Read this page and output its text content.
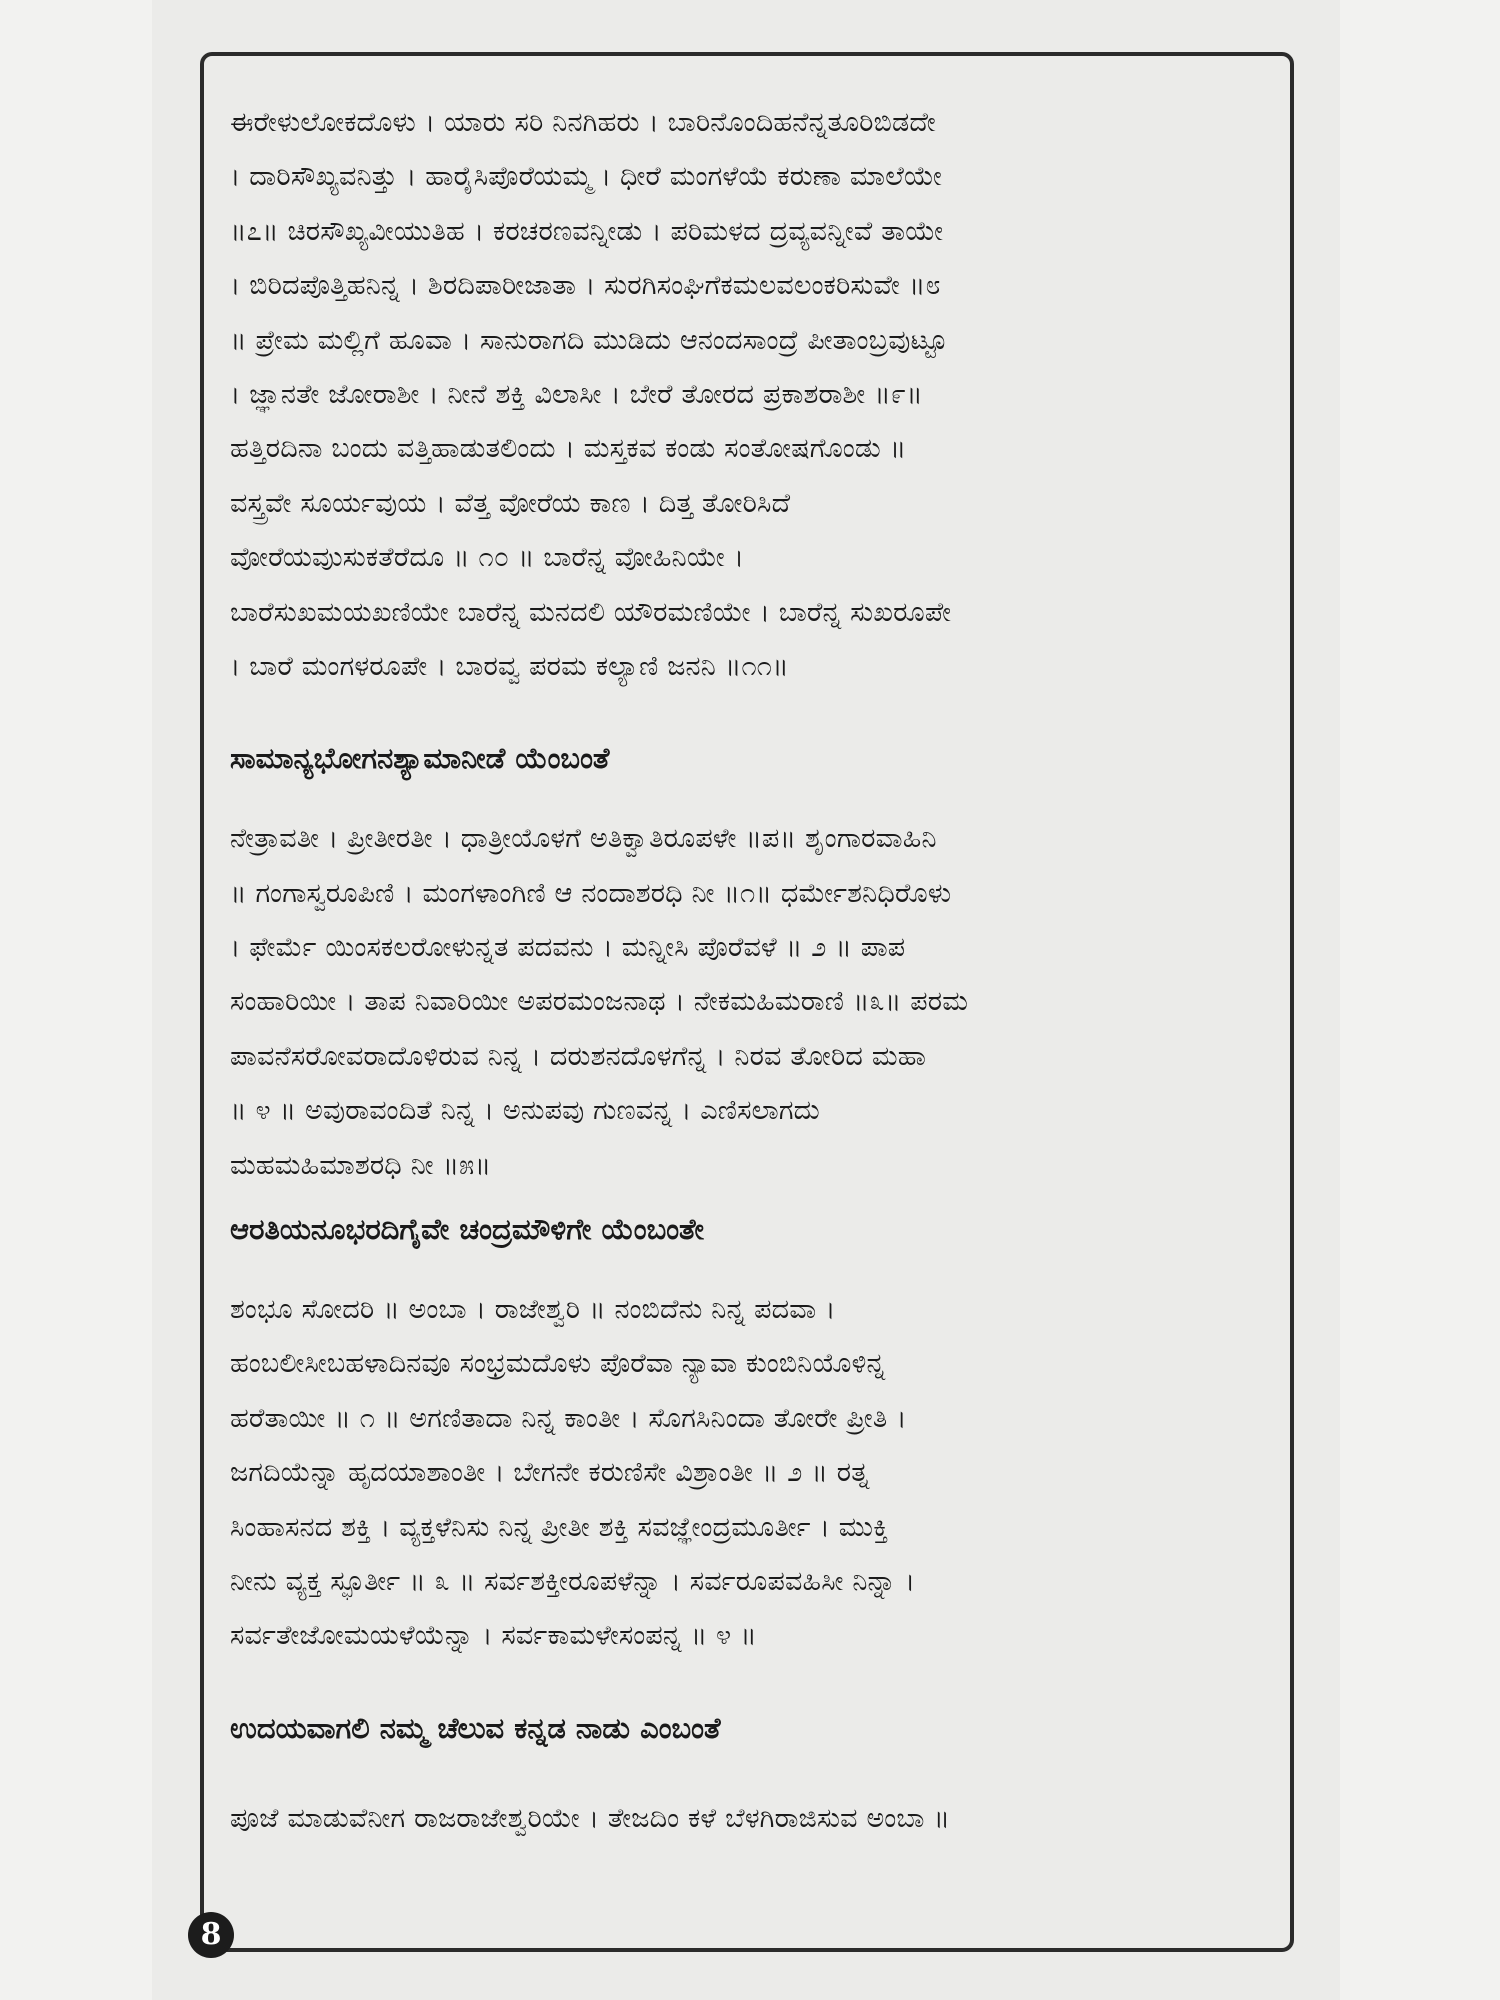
ಈರೇಳುಲೋಕದೊಳು । ಯಾರು ಸರಿ ನಿನಗಿಹರು । ಬಾರಿನೊಂದಿಹನೆನ್ನತೂರಿಬಿಡದೇ
। ದಾರಿಸೌಖ್ಯವನಿತ್ತು । ಹಾರೈಸಿಪೊರೆಯಮ್ಮ । ಧೀರೆ ಮಂಗಳೆಯೆ ಕರುಣಾ ಮಾಲೆಯೇ
॥೭॥ ಚಿರಸೌಖ್ಯವೀಯುತಿಹ । ಕರಚರಣವನ್ನೀಡು । ಪರಿಮಳದ ದ್ರವ್ಯವನ್ನೀವೆ ತಾಯೇ
। ಬಿರಿದಪೊತ್ತಿಹನಿನ್ನ । ಶಿರದಿಪಾರೀಜಾತಾ । ಸುರಗಿಸಂಘಿಗೆಕಮಲವಲಂಕರಿಸುವೇ ॥೮
॥ ಪ್ರೇಮ ಮಲ್ಲಿಗೆ ಹೂವಾ । ಸಾನುರಾಗದಿ ಮುಡಿದು ಆನಂದಸಾಂದ್ರೆ ಪೀತಾಂಬ್ರವುಟ್ಟೂ
। ಜ್ಞಾನತೇ ಜೋರಾಶೀ । ನೀನೆ ಶಕ್ತಿ ವಿಲಾಸೀ । ಬೇರೆ ತೋರದ ಪ್ರಕಾಶರಾಶೀ ॥೯॥
ಹತ್ತಿರದಿನಾ ಬಂದು ವತ್ತಿಹಾಡುತಲಿಂದು । ಮಸ್ತಕವ ಕಂಡು ಸಂತೋಷಗೊಂಡು ॥
ವಸ್ತ್ರವೇ ಸೂರ್ಯವುಯ । ವೆತ್ತ ವೋರೆಯ ಕಾಣ । ದಿತ್ತ ತೋರಿಸಿದೆ
ವೋರೆಯವುುಸುಕತೆರೆದೂ ॥ ೧೦ ॥ ಬಾರೆನ್ನ ವೋಹಿನಿಯೇ ।
ಬಾರೆಸುಖಮಯಖಣಿಯೇ ಬಾರೆನ್ನ ಮನದಲಿ ಯೌರಮಣಿಯೇ । ಬಾರೆನ್ನ ಸುಖರೂಪೇ
। ಬಾರೆ ಮಂಗಳರೂಪೇ । ಬಾರವ್ವ ಪರಮ ಕಲ್ಯಾಣಿ ಜನನಿ ॥೧೧॥
ಸಾಮಾನ್ಯಭೋಗನಶ್ಯಾಮಾನೀಡೆ ಯೆಂಬಂತೆ
ನೇತ್ರಾವತೀ । ಪ್ರೀತೀರತೀ । ಧಾತ್ರೀಯೊಳಗೆ ಅತಿಕ್ವಾತಿರೂಪಳೇ ॥ಪ॥ ಶೃಂಗಾರವಾಹಿನಿ
॥ ಗಂಗಾಸ್ವರೂಪಿಣಿ । ಮಂಗಳಾಂಗಿಣಿ ಆ ನಂದಾಶರಧಿ ನೀ ॥೧॥ ಧರ್ಮೇಶನಿಧಿರೊಳು
। ಫೇರ್ಮೆ ಯಿಂಸಕಲರೋಳುನ್ನತ ಪದವನು । ಮನ್ನೀಸಿ ಪೊರೆವಳೆ ॥ ೨ ॥ ಪಾಪ
ಸಂಹಾರಿಯೀ । ತಾಪ ನಿವಾರಿಯೀ ಅಪರಮಂಜನಾಥ । ನೇಕಮಹಿಮರಾಣಿ ॥೩॥ ಪರಮ
ಪಾವನೆಸರೋವರಾದೊಳಿರುವ ನಿನ್ನ । ದರುಶನದೊಳಗೆನ್ನ । ನಿರವ ತೋರಿದ ಮಹಾ
॥ ೪ ॥ ಅವುರಾವಂದಿತೆ ನಿನ್ನ । ಅನುಪವು ಗುಣವನ್ನ । ಎಣಿಸಲಾಗದು
ಮಹಮಹಿಮಾಶರಧಿ ನೀ ॥೫॥
ಆರತಿಯನೂಭರದಿಗೈವೇ ಚಂದ್ರಮೌಳಿಗೇ ಯೆಂಬಂತೇ
ಶಂಭೂ ಸೋದರಿ ॥ ಅಂಬಾ । ರಾಜೇಶ್ವರಿ ॥ ನಂಬಿದೆನು ನಿನ್ನ ಪದವಾ ।
ಹಂಬಲೀಸೀಬಹಳಾದಿನವೂ ಸಂಭ್ರಮದೊಳು ಪೊರೆವಾ ನ್ಯಾವಾ ಕುಂಬಿನಿಯೊಳಿನ್ನ
ಹರೆತಾಯೀ ॥ ೧ ॥ ಅಗಣಿತಾದಾ ನಿನ್ನ ಕಾಂತೀ । ಸೊಗಸಿನಿಂದಾ ತೋರೇ ಪ್ರೀತಿ ।
ಜಗದಿಯೆನ್ನಾ ಹೃದಯಾಶಾಂತೀ । ಬೇಗನೇ ಕರುಣಿಸೇ ವಿಶ್ರಾಂತೀ ॥ ೨ ॥ ರತ್ನ
ಸಿಂಹಾಸನದ ಶಕ್ತಿ । ವ್ಯಕ್ತಳೆನಿಸು ನಿನ್ನ ಪ್ರೀತೀ ಶಕ್ತಿ ಸವಜ್ಞೇಂದ್ರಮೂರ್ತೀ । ಮುಕ್ತಿ
ನೀನು ವ್ಯಕ್ತ ಸ್ಫೂರ್ತೀ ॥ ೩ ॥ ಸರ್ವಶಕ್ತೀರೂಪಳೆನ್ನಾ । ಸರ್ವರೂಪವಹಿಸೀ ನಿನ್ನಾ ।
ಸರ್ವತೇಜೋಮಯಳೆಯೆನ್ನಾ । ಸರ್ವಕಾಮಳೇಸಂಪನ್ನ ॥ ೪ ॥
ಉದಯವಾಗಲಿ ನಮ್ಮ ಚೆಲುವ ಕನ್ನಡ ನಾಡು ಎಂಬಂತೆ
ಪೂಜೆ ಮಾಡುವೆನೀಗ ರಾಜರಾಜೇಶ್ವರಿಯೇ । ತೇಜದಿಂ ಕಳೆ ಬೆಳಗಿರಾಜಿಸುವ ಅಂಬಾ ॥
8
